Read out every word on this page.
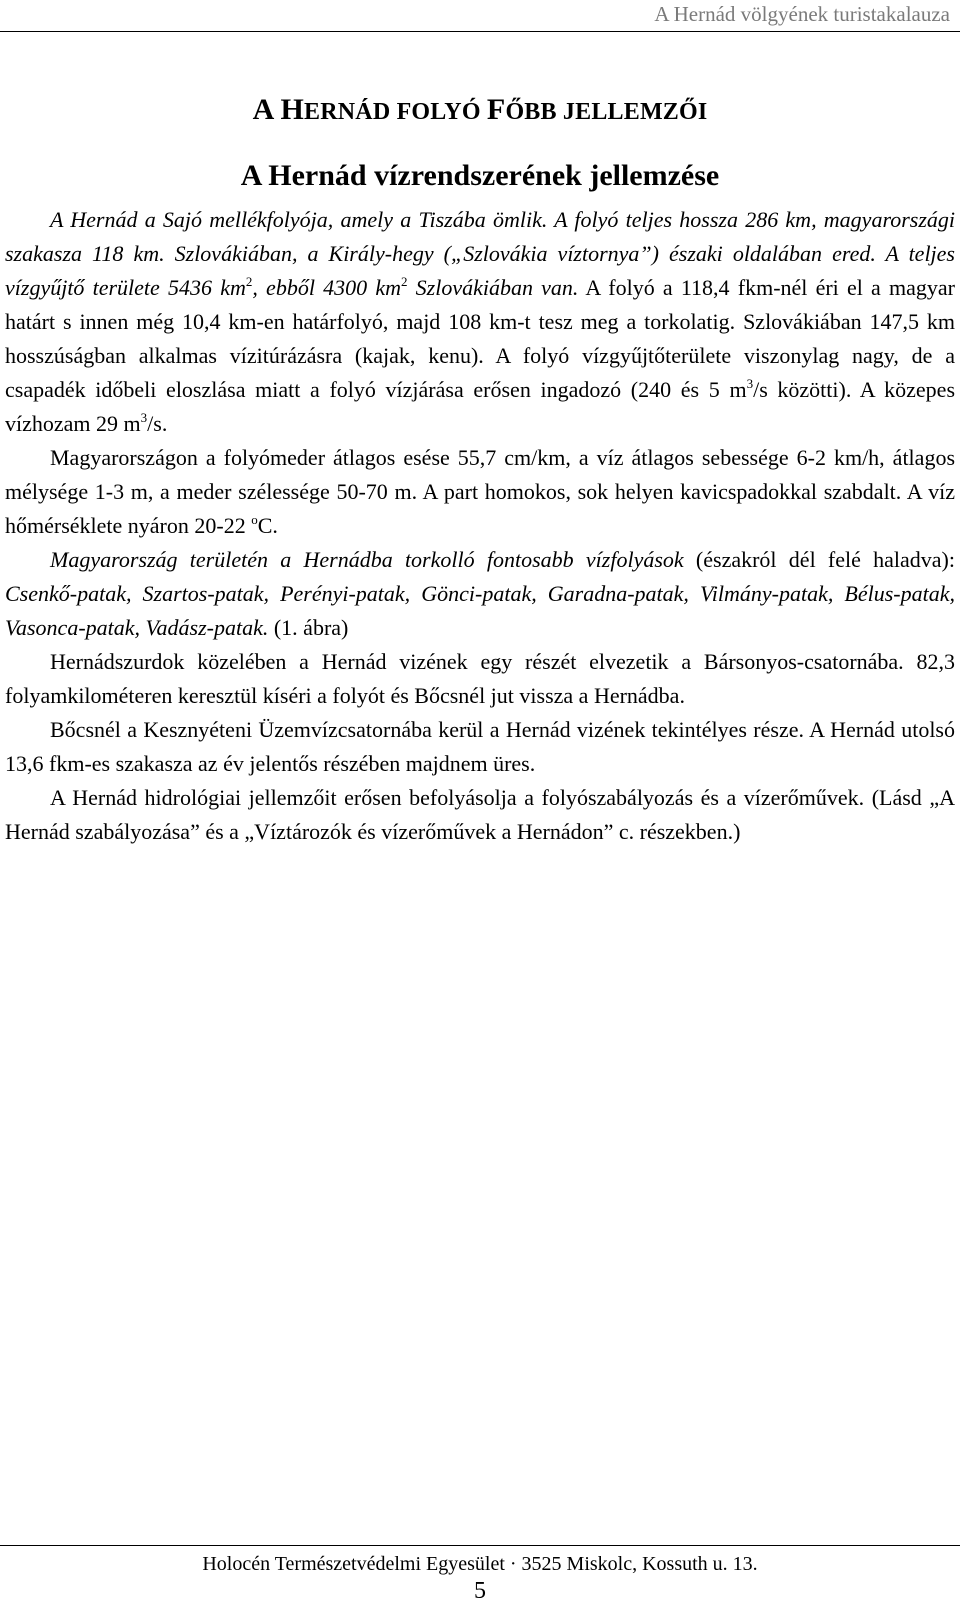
A Hernád völgyének turistakalauza
A HERNÁD FOLYÓ FŐBB JELLEMZŐI
A Hernád vízrendszerének jellemzése

A Hernád a Sajó mellékfolyója, amely a Tiszába ömlik. A folyó teljes hossza 286 km, magyarországi szakasza 118 km. Szlovákiában, a Király-hegy („Szlovákia víztornya”) északi oldalában ered. A teljes vízgyűjtő területe 5436 $km^2$, ebből 4300 $km^2$ Szlovákiában van. A folyó a 118,4 fkm-nél éri el a magyar határt s innen még 10,4 km-en határfolyó, majd 108 km-t tesz meg a torkolatig. Szlovákiában 147,5 km hosszúságban alkalmas vízitúrázásra (kajak, kenu). A folyó vízgyűjtőterülete viszonylag nagy, de a csapadék időbeli eloszlása miatt a folyó vízjárása erősen ingadozó (240 és 5 $m^3/s$ közötti). A közepes vízhozam 29 $m^3/s$.

Magyarországon a folyómeder átlagos esése 55,7 cm/km, a víz átlagos sebessége 6-2 km/h, átlagos mélysége 1-3 m, a meder szélessége 50-70 m. A part homokos, sok helyen kavicspadokkal szabdalt. A víz hőmérséklete nyáron 20-22 $^o$C.

Magyarország területén a Hernádba torkolló fontosabb vízfolyások (északról dél felé haladva): Csenkő-patak, Szartos-patak, Perényi-patak, Gönci-patak, Garadna-patak, Vilmány-patak, Bélus-patak, Vasonca-patak, Vadász-patak. (1. ábra)

Hernádszurdok közelében a Hernád vizének egy részét elvezetik a Bársonyos-csatornába. 82,3 folyamkilométeren keresztül kíséri a folyót és Bőcsnél jut vissza a Hernádba.

Bőcsnél a Kesznyéteni Üzemvízcsatornába kerül a Hernád vizének tekintélyes része. A Hernád utolsó 13,6 fkm-es szakasza az év jelentős részében majdnem üres.

A Hernád hidrológiai jellemzőit erősen befolyásolja a folyószabályozás és a vízerőművek. (Lásd „A Hernád szabályozása” és a „Víztározók és vízerőművek a Hernádon” c. részekben.)

Holocén Természetvédelmi Egyesület · 3525 Miskolc, Kossuth u. 13.
5
